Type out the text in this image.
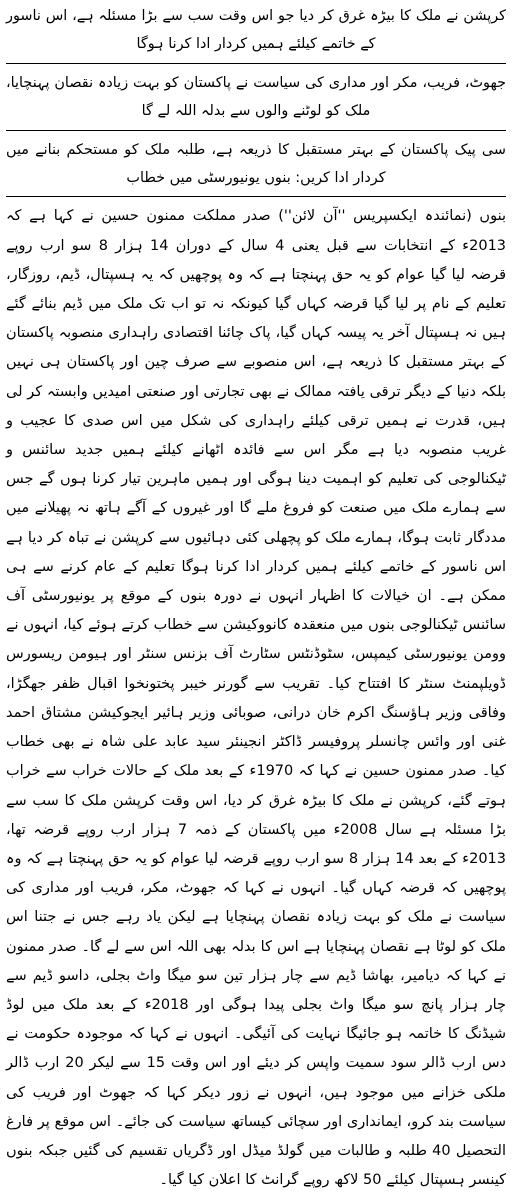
کرپشن نے ملک کا بیڑہ غرق کر دیا جو اس وقت سب سے بڑا مسئلہ ہے، اس ناسور کے خاتمے کیلئے ہمیں کردار ادا کرنا ہوگا

جھوٹ، فریب، مکر اور مداری کی سیاست نے پاکستان کو بہت زیادہ نقصان پہنچایا، ملک کو لوٹنے والوں سے بدلہ اللہ لے گا

سی پیک پاکستان کے بہتر مستقبل کا ذریعہ ہے، طلبہ ملک کو مستحکم بنانے میں کردار ادا کریں: بنوں یونیورسٹی میں خطاب

بنوں (نمائندہ ایکسپریس ''آن لائن'') صدر مملکت ممنون حسین نے کہا ہے کہ 2013ء کے انتخابات سے قبل یعنی 4 سال کے دوران 14 ہزار 8 سو ارب روپے قرضہ لیا گیا عوام کو یہ حق پہنچتا ہے کہ وہ پوچھیں کہ یہ ہسپتال، ڈیم، روزگار، تعلیم کے نام پر لیا گیا قرضہ کہاں گیا کیونکہ نہ تو اب تک ملک میں ڈیم بنائے گئے ہیں نہ ہسپتال آخر یہ پیسہ کہاں گیا، پاک چائنا اقتصادی راہداری منصوبہ پاکستان کے بہتر مستقبل کا ذریعہ ہے، اس منصوبے سے صرف چین اور پاکستان ہی نہیں بلکہ دنیا کے دیگر ترقی یافتہ ممالک نے بھی تجارتی اور صنعتی امیدیں وابستہ کر لی ہیں، قدرت نے ہمیں ترقی کیلئے راہداری کی شکل میں اس صدی کا عجیب و غریب منصوبہ دیا ہے مگر اس سے فائدہ اٹھانے کیلئے ہمیں جدید سائنس و ٹیکنالوجی کی تعلیم کو اہمیت دینا ہوگی اور ہمیں ماہرین تیار کرنا ہوں گے جس سے ہمارے ملک میں صنعت کو فروغ ملے گا اور غیروں کے آگے ہاتھ نہ پھیلانے میں مددگار ثابت ہوگا، ہمارے ملک کو پچھلی کئی دہائیوں سے کرپشن نے تباہ کر دیا ہے اس ناسور کے خاتمے کیلئے ہمیں کردار ادا کرنا ہوگا تعلیم کے عام کرنے سے ہی ممکن ہے۔ ان خیالات کا اظہار انہوں نے دورہ بنوں کے موقع پر یونیورسٹی آف سائنس ٹیکنالوجی بنوں میں منعقدہ کانووکیشن سے خطاب کرتے ہوئے کیا، انہوں نے وومن یونیورسٹی کیمپس، سٹوڈنٹس سٹارٹ آف بزنس سنٹر اور ہیومن ریسورس ڈویلپمنٹ سنٹر کا افتتاح کیا۔ تقریب سے گورنر خیبر پختونخوا اقبال ظفر جھگڑا، وفاقی وزیر ہاؤسنگ اکرم خان درانی، صوبائی وزیر ہائیر ایجوکیشن مشتاق احمد غنی اور وائس چانسلر پروفیسر ڈاکٹر انجینئر سید عابد علی شاہ نے بھی خطاب کیا۔ صدر ممنون حسین نے کہا کہ 1970ء کے بعد ملک کے حالات خراب سے خراب ہوتے گئے، کرپشن نے ملک کا بیڑہ غرق کر دیا، اس وقت کرپشن ملک کا سب سے بڑا مسئلہ ہے سال 2008ء میں پاکستان کے ذمہ 7 ہزار ارب روپے قرضہ تھا، 2013ء کے بعد 14 ہزار 8 سو ارب روپے قرضہ لیا عوام کو یہ حق پہنچتا ہے کہ وہ پوچھیں کہ قرضہ کہاں گیا۔ انہوں نے کہا کہ جھوٹ، مکر، فریب اور مداری کی سیاست نے ملک کو بہت زیادہ نقصان پہنچایا ہے لیکن یاد رہے جس نے جتنا اس ملک کو لوٹا ہے نقصان پہنچایا ہے اس کا بدلہ بھی اللہ اس سے لے گا۔ صدر ممنون نے کہا کہ دیامیر، بھاشا ڈیم سے چار ہزار تین سو میگا واٹ بجلی، داسو ڈیم سے چار ہزار پانچ سو میگا واٹ بجلی پیدا ہوگی اور 2018ء کے بعد ملک میں لوڈ شیڈنگ کا خاتمہ ہو جائیگا نہایت کی آئیگی۔ انہوں نے کہا کہ موجودہ حکومت نے دس ارب ڈالر سود سمیت واپس کر دیئے اور اس وقت 15 سے لیکر 20 ارب ڈالر ملکی خزانے میں موجود ہیں، انہوں نے زور دیکر کہا کہ جھوٹ اور فریب کی سیاست بند کرو، ایمانداری اور سچائی کیساتھ سیاست کی جائے۔ اس موقع پر فارغ التحصیل 40 طلبہ و طالبات میں گولڈ میڈل اور ڈگریاں تقسیم کی گئیں جبکہ بنوں کینسر ہسپتال کیلئے 50 لاکھ روپے گرانٹ کا اعلان کیا گیا۔
